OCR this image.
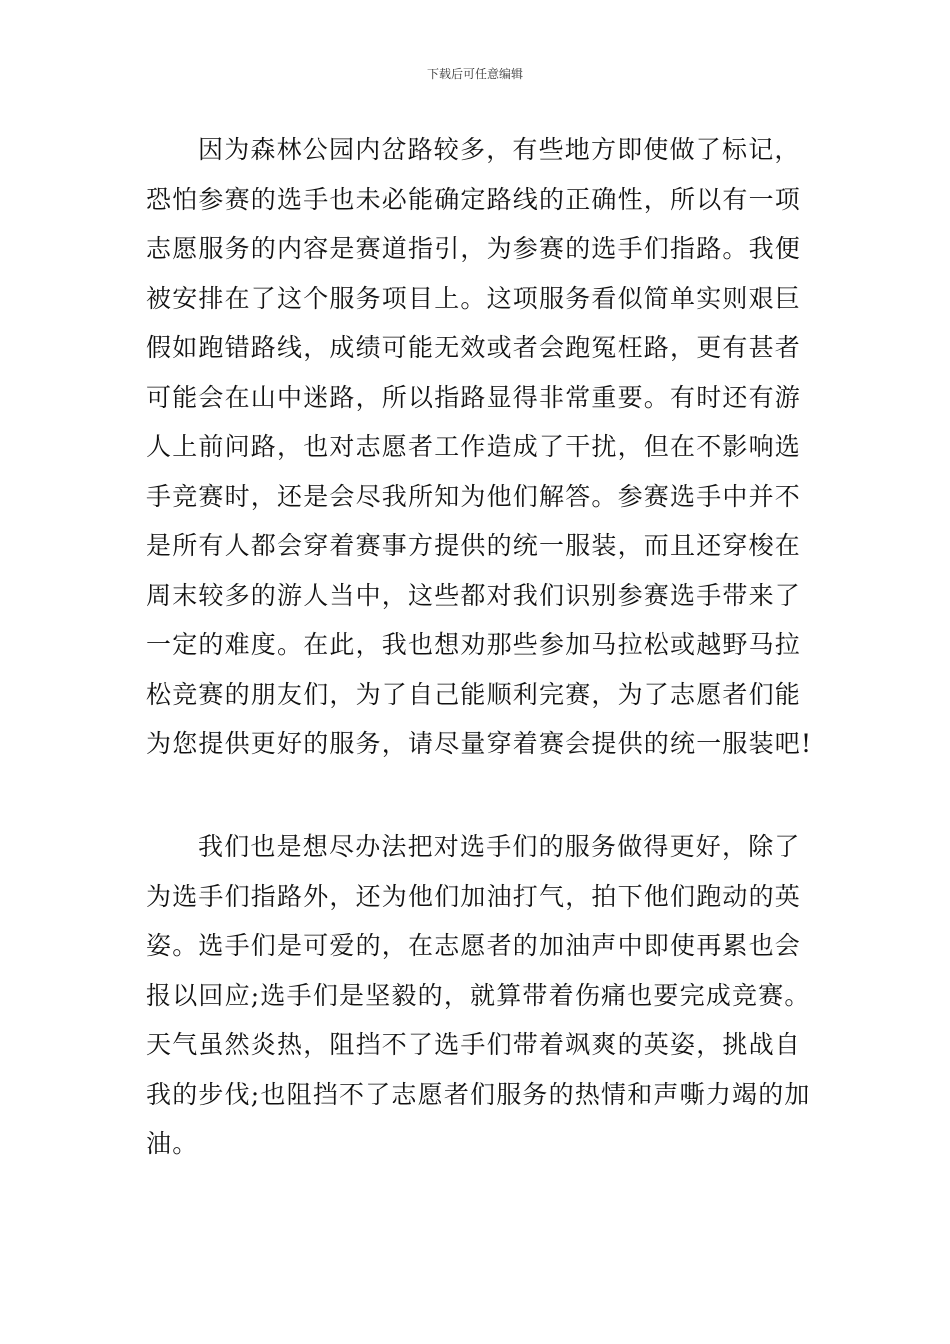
下载后可任意编辑
因为森林公园内岔路较多，有些地方即使做了标记，
恐怕参赛的选手也未必能确定路线的正确性，所以有一项
志愿服务的内容是赛道指引，为参赛的选手们指路。我便
被安排在了这个服务项目上。这项服务看似简单实则艰巨
假如跑错路线，成绩可能无效或者会跑冤枉路，更有甚者
可能会在山中迷路，所以指路显得非常重要。有时还有游
人上前问路，也对志愿者工作造成了干扰，但在不影响选
手竞赛时，还是会尽我所知为他们解答。参赛选手中并不
是所有人都会穿着赛事方提供的统一服装，而且还穿梭在
周末较多的游人当中，这些都对我们识别参赛选手带来了
一定的难度。在此，我也想劝那些参加马拉松或越野马拉
松竞赛的朋友们，为了自己能顺利完赛，为了志愿者们能
为您提供更好的服务，请尽量穿着赛会提供的统一服装吧!
我们也是想尽办法把对选手们的服务做得更好，除了
为选手们指路外，还为他们加油打气，拍下他们跑动的英
姿。选手们是可爱的，在志愿者的加油声中即使再累也会
报以回应;选手们是坚毅的，就算带着伤痛也要完成竞赛。
天气虽然炎热，阻挡不了选手们带着飒爽的英姿，挑战自
我的步伐;也阻挡不了志愿者们服务的热情和声嘶力竭的加
油。
